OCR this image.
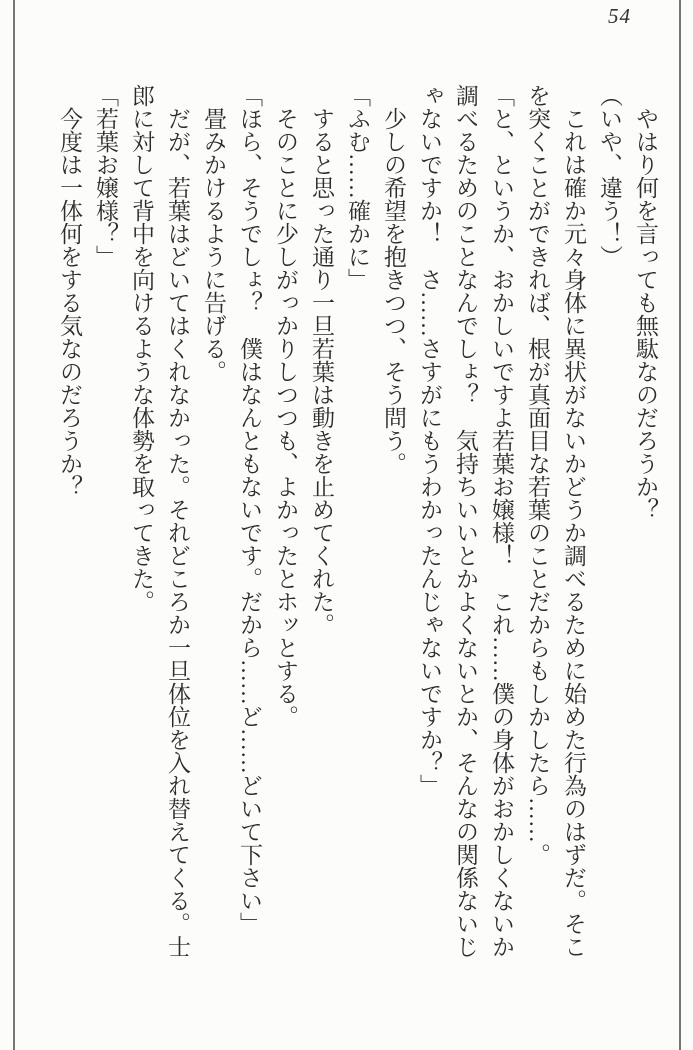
54

　やはり何を言っても無駄なのだろうか？

（いや、違う！）

　これは確か元々身体に異状がないかどうか調べるために始めた行為のはずだ。そこを突くことができれば、根が真面目な若葉のことだからもしかしたら……。

「と、というか、おかしいですよ若葉お嬢様！　これ……僕の身体がおかしくないか調べるためのことなんでしょ？　気持ちいいとかよくないとか、そんなの関係ないじゃないですか！　さ……さすがにもうわかったんじゃないですか？」

　少しの希望を抱きつつ、そう問う。

「ふむ……確かに」

　すると思った通り一旦若葉は動きを止めてくれた。

　そのことに少しがっかりしつつも、よかったとホッとする。

「ほら、そうでしょ？　僕はなんともないです。だから……ど……どいて下さい」

　畳みかけるように告げる。

　だが、若葉はどいてはくれなかった。それどころか一旦体位を入れ替えてくる。士郎に対して背中を向けるような体勢を取ってきた。

「若葉お嬢様？」

　今度は一体何をする気なのだろうか？
